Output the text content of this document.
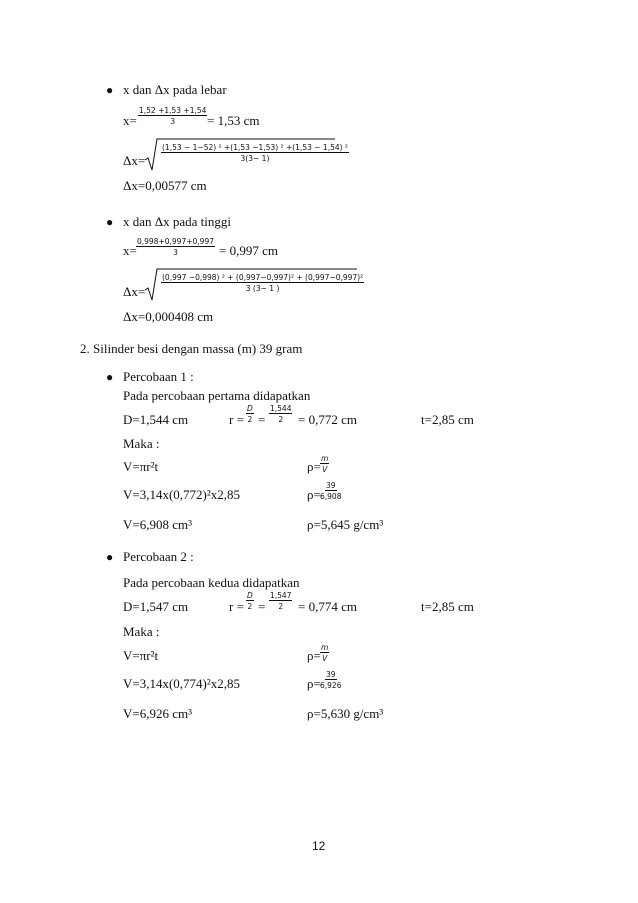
● x dan Δx pada lebar
$x= \frac{1,52 +1,53 +1,54}{3} = 1,53$ cm
$\Delta x= \frac{\text{(1,53 − 1−52) ² +(1,53 −1,53) ² +(1,53 − 1,54) ²}}{3(3- 1)}$
Δx=0,00577 cm
● x dan Δx pada tinggi
$x= \frac{0,998+0,997+0,997}{3} = 0,997$ cm
$\Delta x= \frac{\text{(0,997 −0,998) ² + (0,997−0,997)² + (0,997−0,997)²}}{3 (3- 1 )}$
Δx=0,000408 cm
2. Silinder besi dengan massa (m) 39 gram
● Percobaan 1 :
Pada percobaan pertama didapatkan
D=1,544 cm	$r = \frac{D}{2} = \frac{1,544}{2} = 0,772$ cm	t=2,85 cm
Maka :
V=πr²t	$\rho= \frac{m}{V}$
V=3,14x(0,772)²x2,85	$\rho= \frac{39}{6,908}$
V=6,908 cm³	ρ=5,645 g/cm³
● Percobaan 2 :
Pada percobaan kedua didapatkan
D=1,547 cm	$r = \frac{D}{2} = \frac{1,547}{2} = 0,774$ cm	t=2,85 cm
Maka :
V=πr²t	$\rho= \frac{m}{V}$
V=3,14x(0,774)²x2,85	$\rho= \frac{39}{6,926}$
V=6,926 cm³	ρ=5,630 g/cm³
12
